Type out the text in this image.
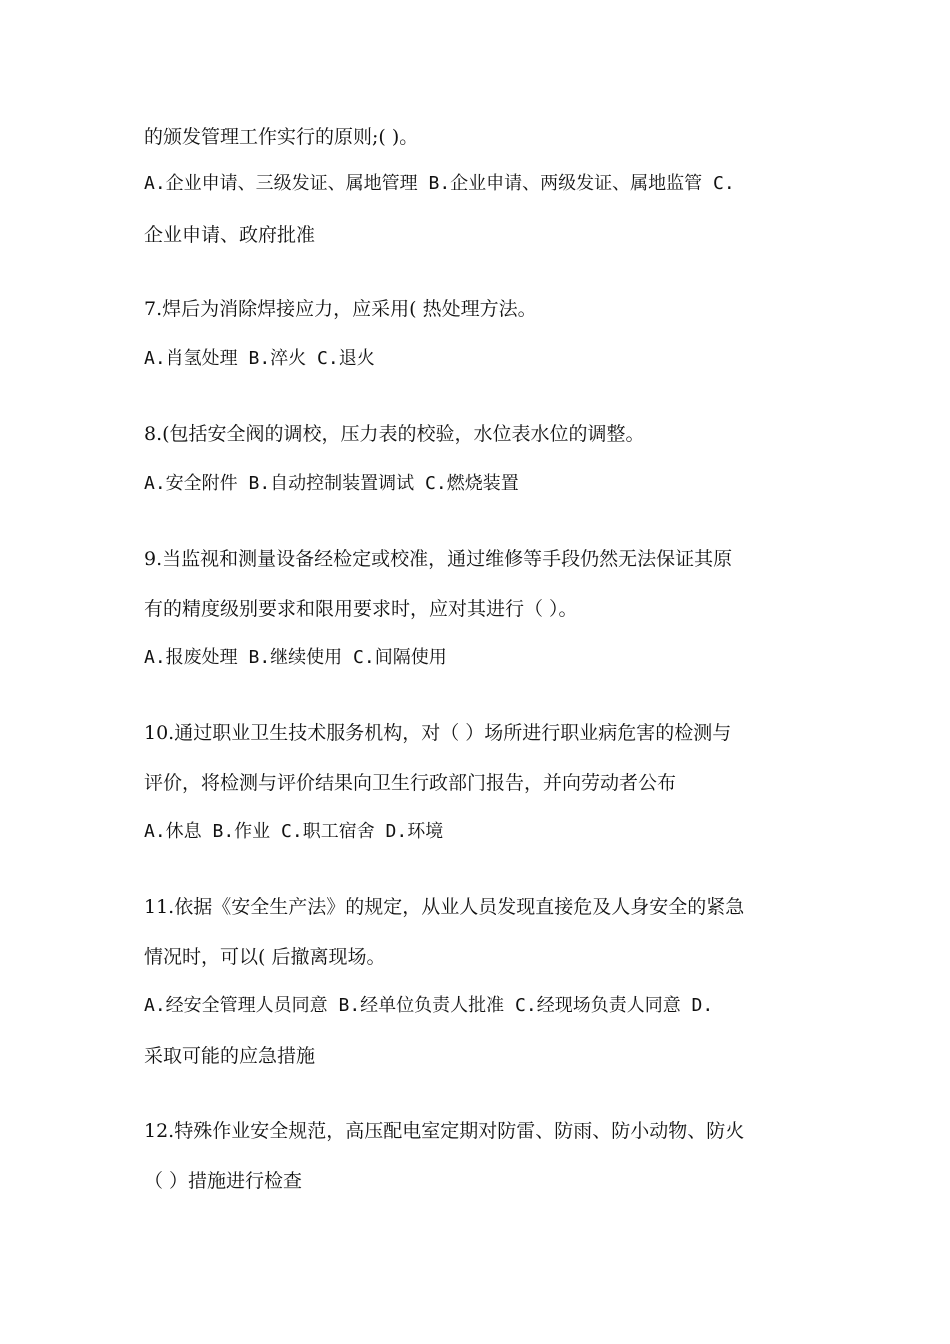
的颁发管理工作实行的原则;( )。
A.企业申请、三级发证、属地管理 B.企业申请、两级发证、属地监管 C.
企业申请、政府批准
7.焊后为消除焊接应力，应采用( 热处理方法。
A.肖氢处理 B.淬火 C.退火
8.(包括安全阀的调校，压力表的校验，水位表水位的调整。
A.安全附件 B.自动控制装置调试 C.燃烧装置
9.当监视和测量设备经检定或校准，通过维修等手段仍然无法保证其原
有的精度级别要求和限用要求时，应对其进行（ ）。
A.报废处理 B.继续使用 C.间隔使用
10.通过职业卫生技术服务机构，对（ ）场所进行职业病危害的检测与
评价，将检测与评价结果向卫生行政部门报告，并向劳动者公布
A.休息 B.作业 C.职工宿舍 D.环境
11.依据《安全生产法》的规定，从业人员发现直接危及人身安全的紧急
情况时，可以( 后撤离现场。
A.经安全管理人员同意 B.经单位负责人批准 C.经现场负责人同意 D.
采取可能的应急措施
12.特殊作业安全规范，高压配电室定期对防雷、防雨、防小动物、防火
（ ）措施进行检查
